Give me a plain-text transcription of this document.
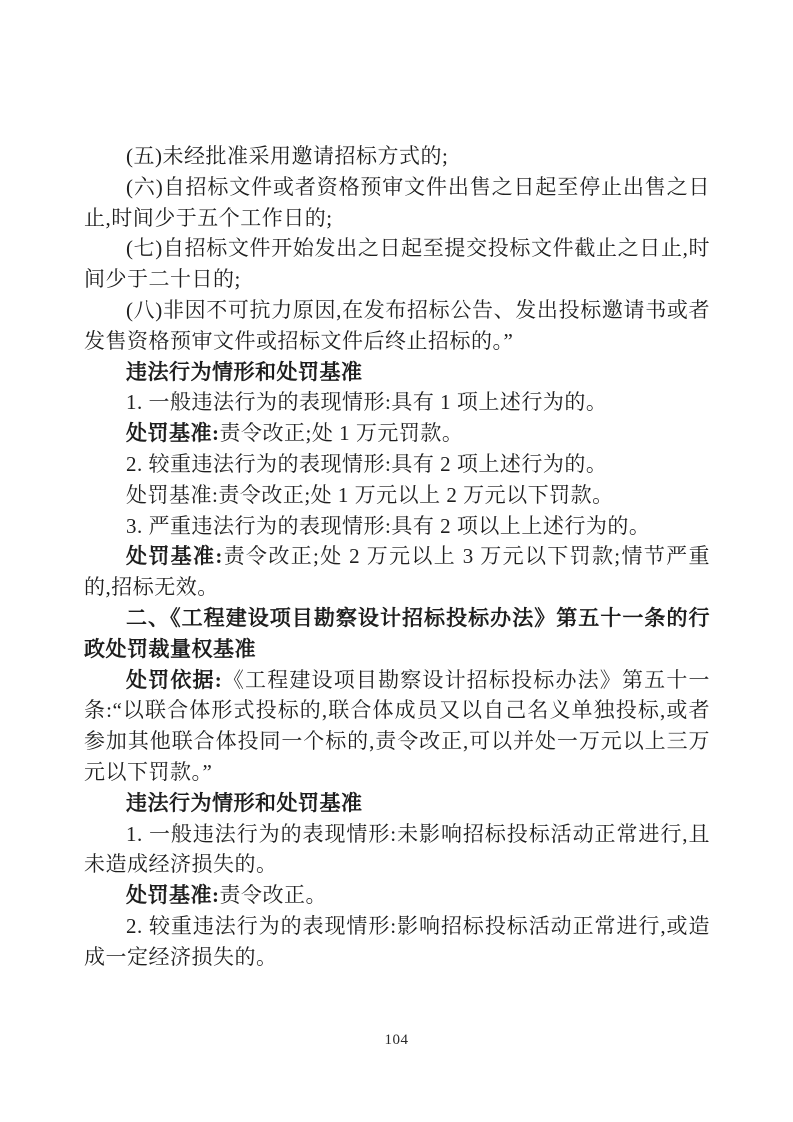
(五)未经批准采用邀请招标方式的;

(六)自招标文件或者资格预审文件出售之日起至停止出售之日止,时间少于五个工作日的;

(七)自招标文件开始发出之日起至提交投标文件截止之日止,时间少于二十日的;

(八)非因不可抗力原因,在发布招标公告、发出投标邀请书或者发售资格预审文件或招标文件后终止招标的。”

违法行为情形和处罚基准

1. 一般违法行为的表现情形:具有 1 项上述行为的。

处罚基准:责令改正;处 1 万元罚款。

2. 较重违法行为的表现情形:具有 2 项上述行为的。

处罚基准:责令改正;处 1 万元以上 2 万元以下罚款。

3. 严重违法行为的表现情形:具有 2 项以上上述行为的。

处罚基准:责令改正;处 2 万元以上 3 万元以下罚款;情节严重的,招标无效。

二、《工程建设项目勘察设计招标投标办法》第五十一条的行政处罚裁量权基准

处罚依据:《工程建设项目勘察设计招标投标办法》第五十一条:“以联合体形式投标的,联合体成员又以自己名义单独投标,或者参加其他联合体投同一个标的,责令改正,可以并处一万元以上三万元以下罚款。”

违法行为情形和处罚基准

1. 一般违法行为的表现情形:未影响招标投标活动正常进行,且未造成经济损失的。

处罚基准:责令改正。

2. 较重违法行为的表现情形:影响招标投标活动正常进行,或造成一定经济损失的。

104
